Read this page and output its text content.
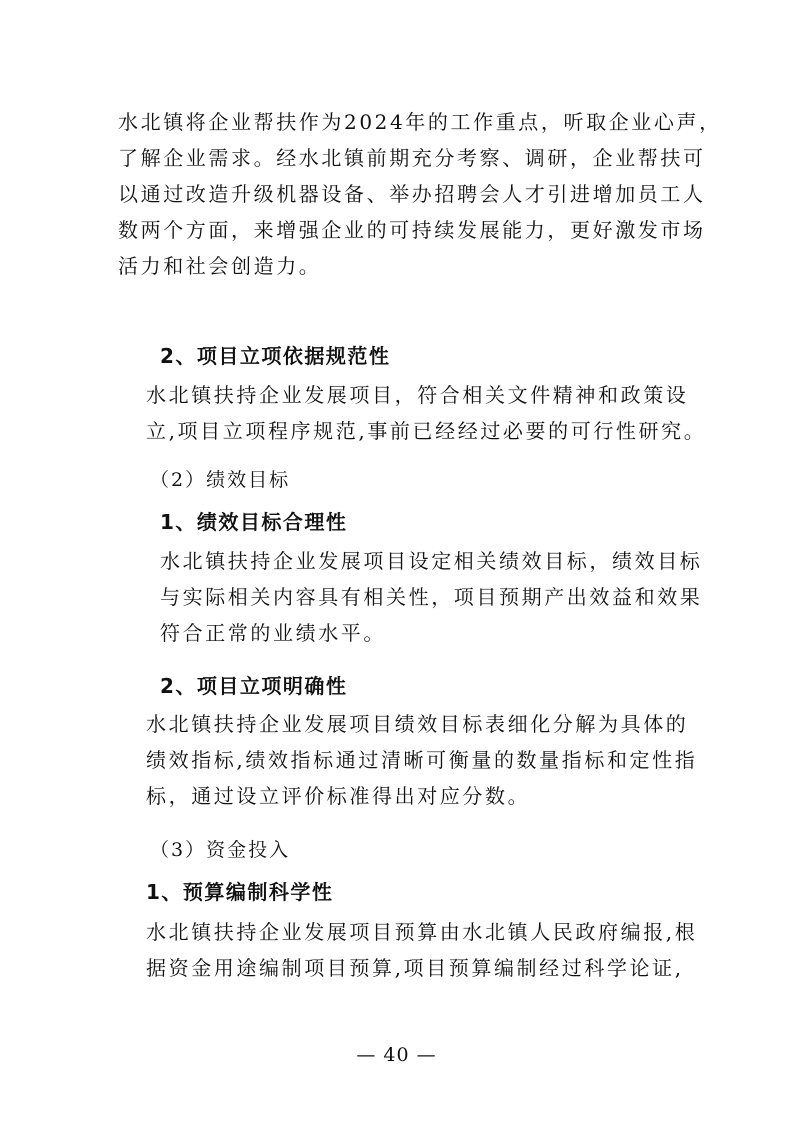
水北镇将企业帮扶作为2024年的工作重点，听取企业心声，
了解企业需求。经水北镇前期充分考察、调研，企业帮扶可
以通过改造升级机器设备、举办招聘会人才引进增加员工人
数两个方面，来增强企业的可持续发展能力，更好激发市场
活力和社会创造力。
2、项目立项依据规范性
水北镇扶持企业发展项目，符合相关文件精神和政策设
立,项目立项程序规范,事前已经经过必要的可行性研究。
（2）绩效目标
1、绩效目标合理性
水北镇扶持企业发展项目设定相关绩效目标，绩效目标
与实际相关内容具有相关性，项目预期产出效益和效果
符合正常的业绩水平。
2、项目立项明确性
水北镇扶持企业发展项目绩效目标表细化分解为具体的
绩效指标,绩效指标通过清晰可衡量的数量指标和定性指
标，通过设立评价标准得出对应分数。
（3）资金投入
1、预算编制科学性
水北镇扶持企业发展项目预算由水北镇人民政府编报,根
据资金用途编制项目预算,项目预算编制经过科学论证,
— 40 —
